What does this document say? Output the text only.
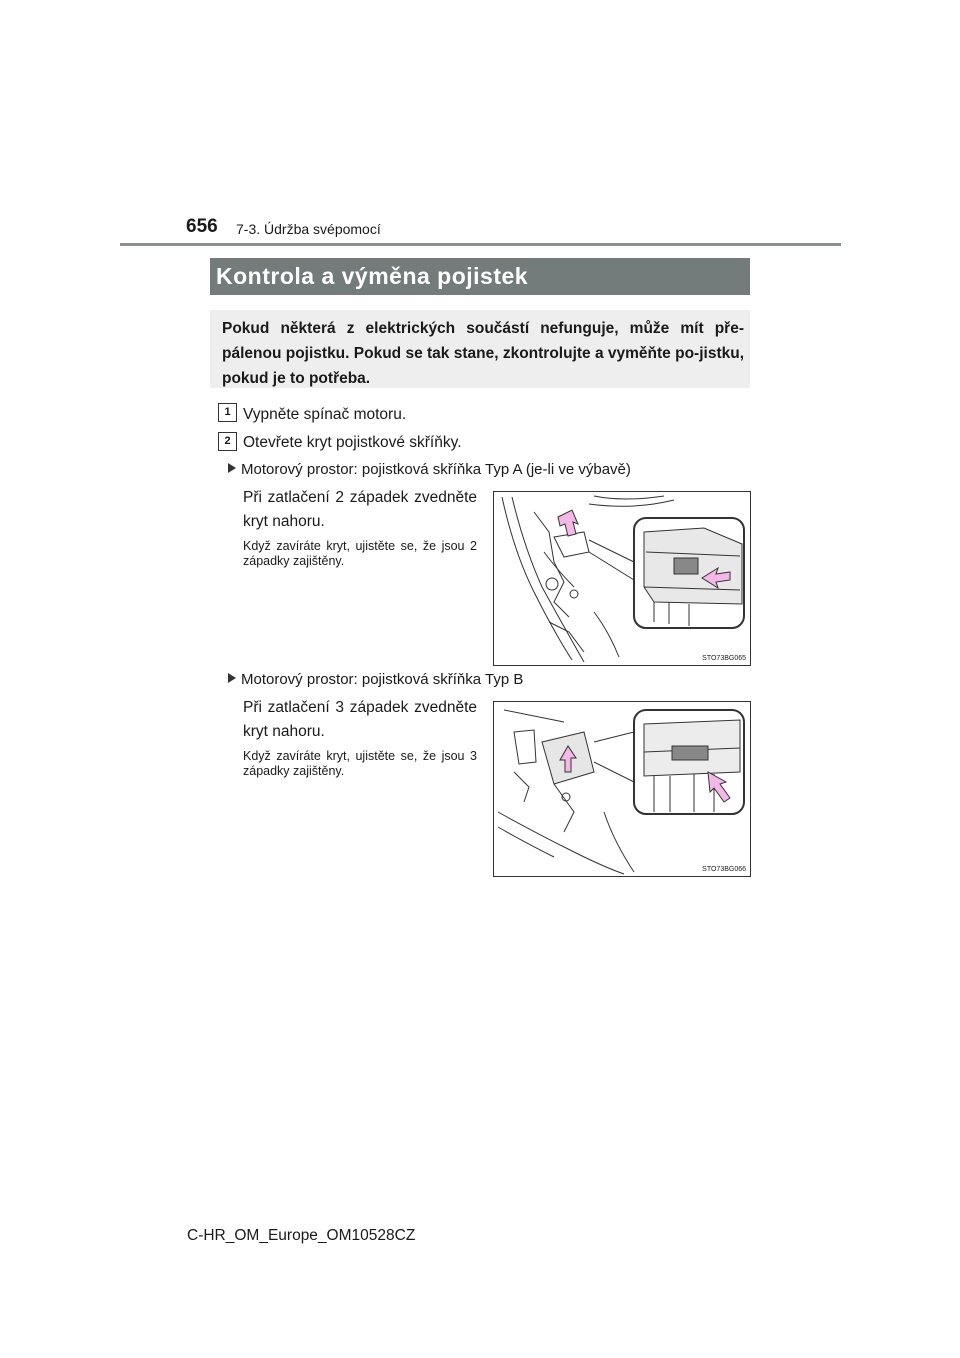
656 7-3. Údržba svépomocí
Kontrola a výměna pojistek
Pokud některá z elektrických součástí nefunguje, může mít pře-pálenou pojistku. Pokud se tak stane, zkontrolujte a vyměňte po-jistku, pokud je to potřeba.
1 Vypněte spínač motoru.
2 Otevřete kryt pojistkové skříňky.
Motorový prostor: pojistková skříňka Typ A (je-li ve výbavě)
Při zatlačení 2 západek zvedněte kryt nahoru.
Když zavíráte kryt, ujistěte se, že jsou 2 západky zajištěny.
STO73BG065
Motorový prostor: pojistková skříňka Typ B
Při zatlačení 3 západek zvedněte kryt nahoru.
Když zavíráte kryt, ujistěte se, že jsou 3 západky zajištěny.
STO73BG066
C-HR_OM_Europe_OM10528CZ
